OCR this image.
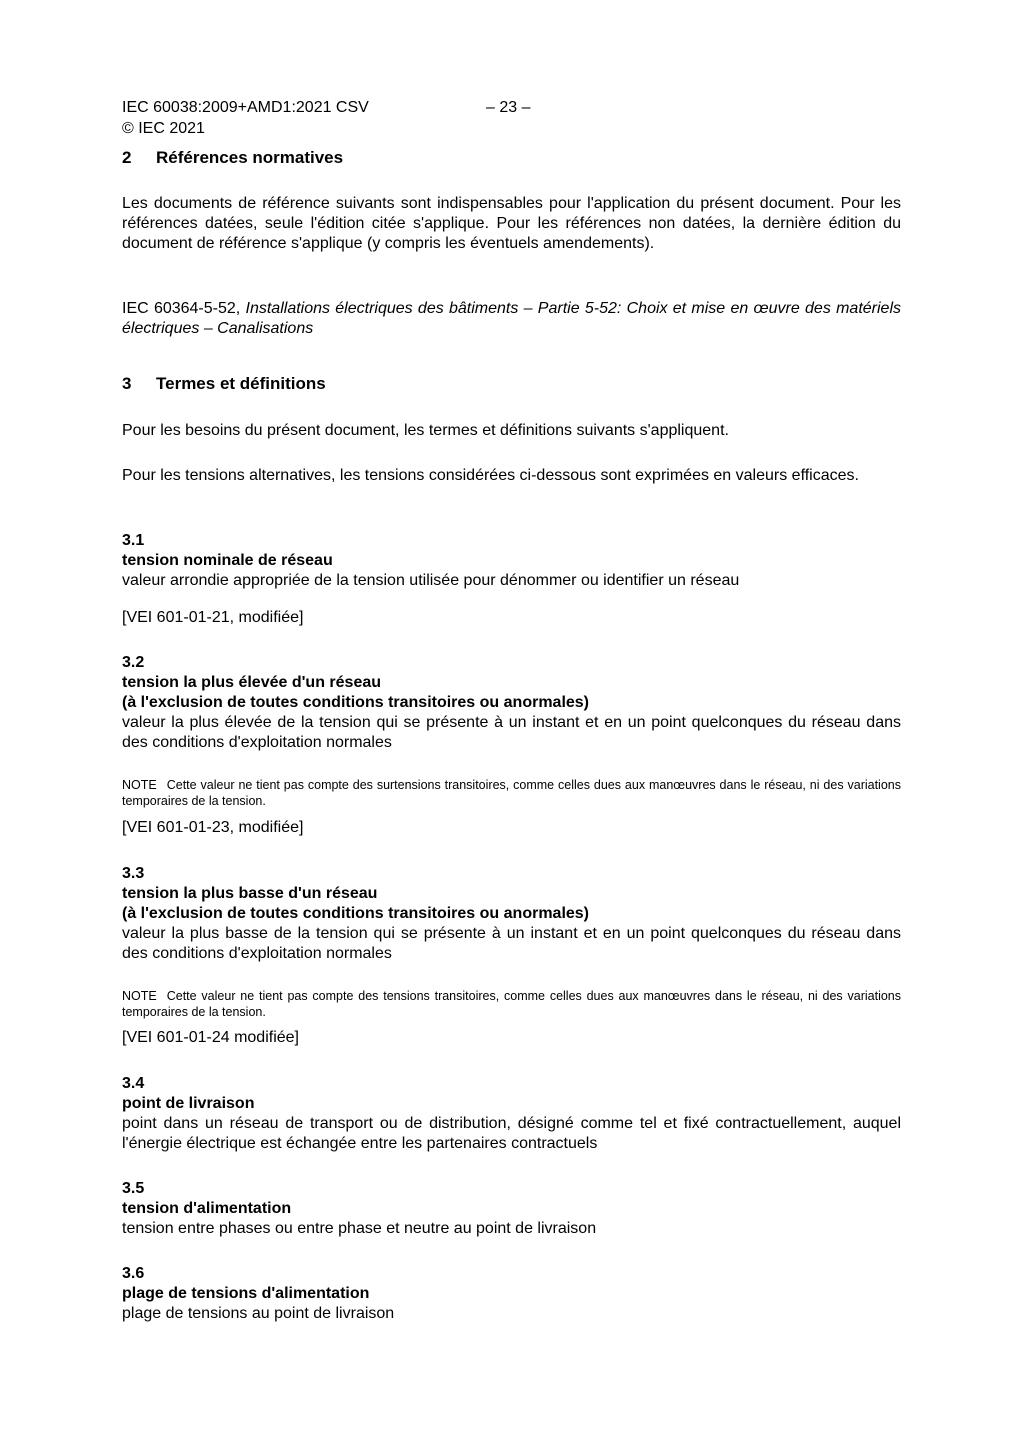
IEC 60038:2009+AMD1:2021 CSV	– 23 –
© IEC 2021
2 Références normatives
Les documents de référence suivants sont indispensables pour l'application du présent document. Pour les références datées, seule l'édition citée s'applique. Pour les références non datées, la dernière édition du document de référence s'applique (y compris les éventuels amendements).
IEC 60364-5-52, Installations électriques des bâtiments – Partie 5-52: Choix et mise en œuvre des matériels électriques – Canalisations
3 Termes et définitions
Pour les besoins du présent document, les termes et définitions suivants s'appliquent.
Pour les tensions alternatives, les tensions considérées ci-dessous sont exprimées en valeurs efficaces.
3.1
tension nominale de réseau
valeur arrondie appropriée de la tension utilisée pour dénommer ou identifier un réseau
[VEI 601-01-21, modifiée]
3.2
tension la plus élevée d'un réseau
(à l'exclusion de toutes conditions transitoires ou anormales)
valeur la plus élevée de la tension qui se présente à un instant et en un point quelconques du réseau dans des conditions d'exploitation normales
NOTE Cette valeur ne tient pas compte des surtensions transitoires, comme celles dues aux manœuvres dans le réseau, ni des variations temporaires de la tension.
[VEI 601-01-23, modifiée]
3.3
tension la plus basse d'un réseau
(à l'exclusion de toutes conditions transitoires ou anormales)
valeur la plus basse de la tension qui se présente à un instant et en un point quelconques du réseau dans des conditions d'exploitation normales
NOTE Cette valeur ne tient pas compte des tensions transitoires, comme celles dues aux manœuvres dans le réseau, ni des variations temporaires de la tension.
[VEI 601-01-24 modifiée]
3.4
point de livraison
point dans un réseau de transport ou de distribution, désigné comme tel et fixé contractuellement, auquel l'énergie électrique est échangée entre les partenaires contractuels
3.5
tension d'alimentation
tension entre phases ou entre phase et neutre au point de livraison
3.6
plage de tensions d'alimentation
plage de tensions au point de livraison
